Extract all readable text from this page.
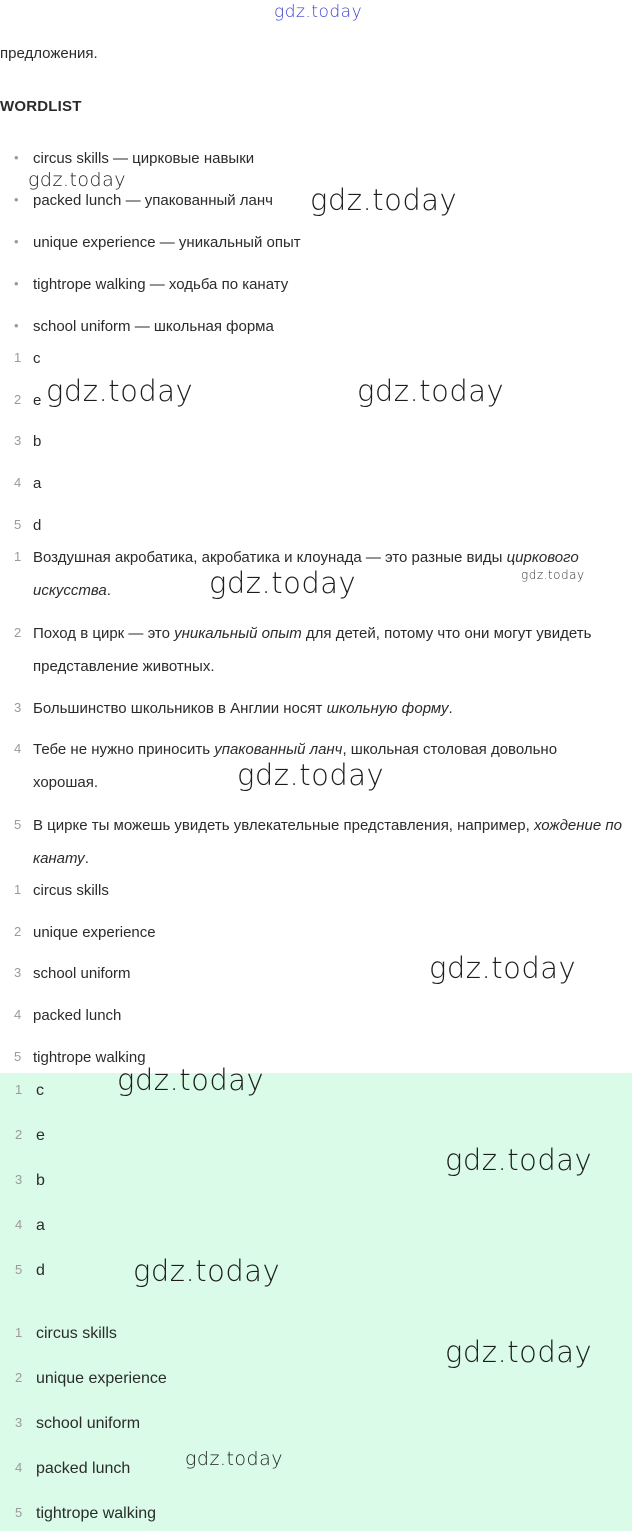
предложения.
WORDLIST
• circus skills — цирковые навыки
• packed lunch — упакованный ланч
• unique experience — уникальный опыт
• tightrope walking — ходьба по канату
• school uniform — школьная форма
1 c
2 e
3 b
4 a
5 d
1 Воздушная акробатика, акробатика и клоунада — это разные виды циркового искусства.
2 Поход в цирк — это уникальный опыт для детей, потому что они могут увидеть представление животных.
3 Большинство школьников в Англии носят школьную форму.
4 Тебе не нужно приносить упакованный ланч, школьная столовая довольно хорошая.
5 В цирке ты можешь увидеть увлекательные представления, например, хождение по канату.
1 circus skills
2 unique experience
3 school uniform
4 packed lunch
5 tightrope walking
1 c
2 e
3 b
4 a
5 d
1 circus skills
2 unique experience
3 school uniform
4 packed lunch
5 tightrope walking
gdz.today
gdz.today
gdz.today
gdz.today	gdz.today
gdz.today	gdz.today
gdz.today
gdz.today
gdz.today
gdz.today
gdz.today
gdz.today
gdz.today
